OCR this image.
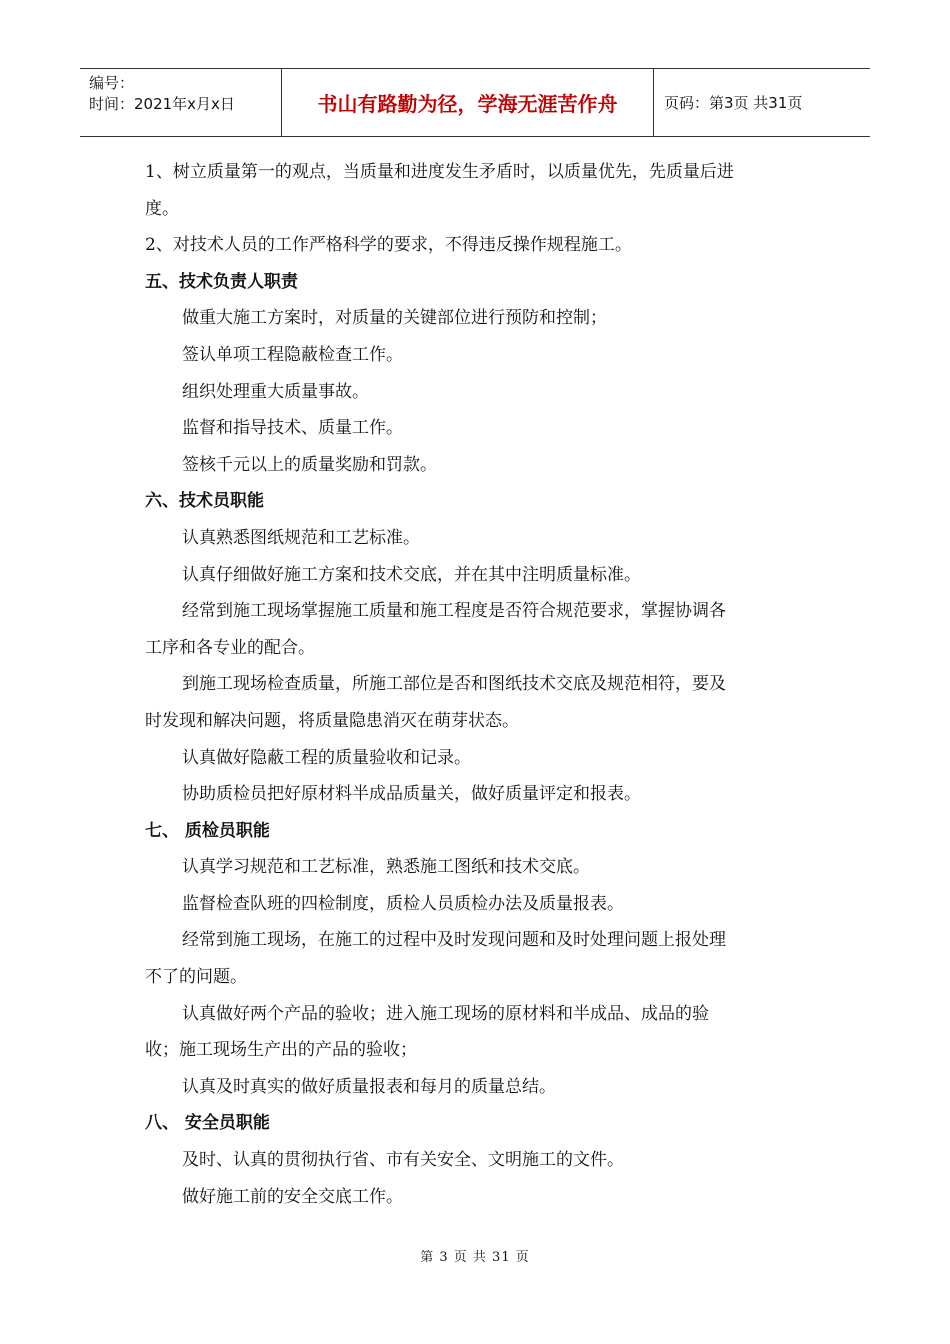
编号：
时间：2021年x月x日	书山有路勤为径，学海无涯苦作舟	页码：第3页 共31页

1、树立质量第一的观点，当质量和进度发生矛盾时，以质量优先，先质量后进

度。

2、对技术人员的工作严格科学的要求，不得违反操作规程施工。

五、技术负责人职责

做重大施工方案时，对质量的关键部位进行预防和控制；

签认单项工程隐蔽检查工作。

组织处理重大质量事故。

监督和指导技术、质量工作。

签核千元以上的质量奖励和罚款。

六、技术员职能

认真熟悉图纸规范和工艺标准。

认真仔细做好施工方案和技术交底，并在其中注明质量标准。

经常到施工现场掌握施工质量和施工程度是否符合规范要求，掌握协调各

工序和各专业的配合。

到施工现场检查质量，所施工部位是否和图纸技术交底及规范相符，要及

时发现和解决问题，将质量隐患消灭在萌芽状态。

认真做好隐蔽工程的质量验收和记录。

协助质检员把好原材料半成品质量关，做好质量评定和报表。

七、 质检员职能

认真学习规范和工艺标准，熟悉施工图纸和技术交底。

监督检查队班的四检制度，质检人员质检办法及质量报表。

经常到施工现场，在施工的过程中及时发现问题和及时处理问题上报处理

不了的问题。

认真做好两个产品的验收；进入施工现场的原材料和半成品、成品的验

收；施工现场生产出的产品的验收；

认真及时真实的做好质量报表和每月的质量总结。

八、 安全员职能

及时、认真的贯彻执行省、市有关安全、文明施工的文件。

做好施工前的安全交底工作。

第 3 页 共 31 页
